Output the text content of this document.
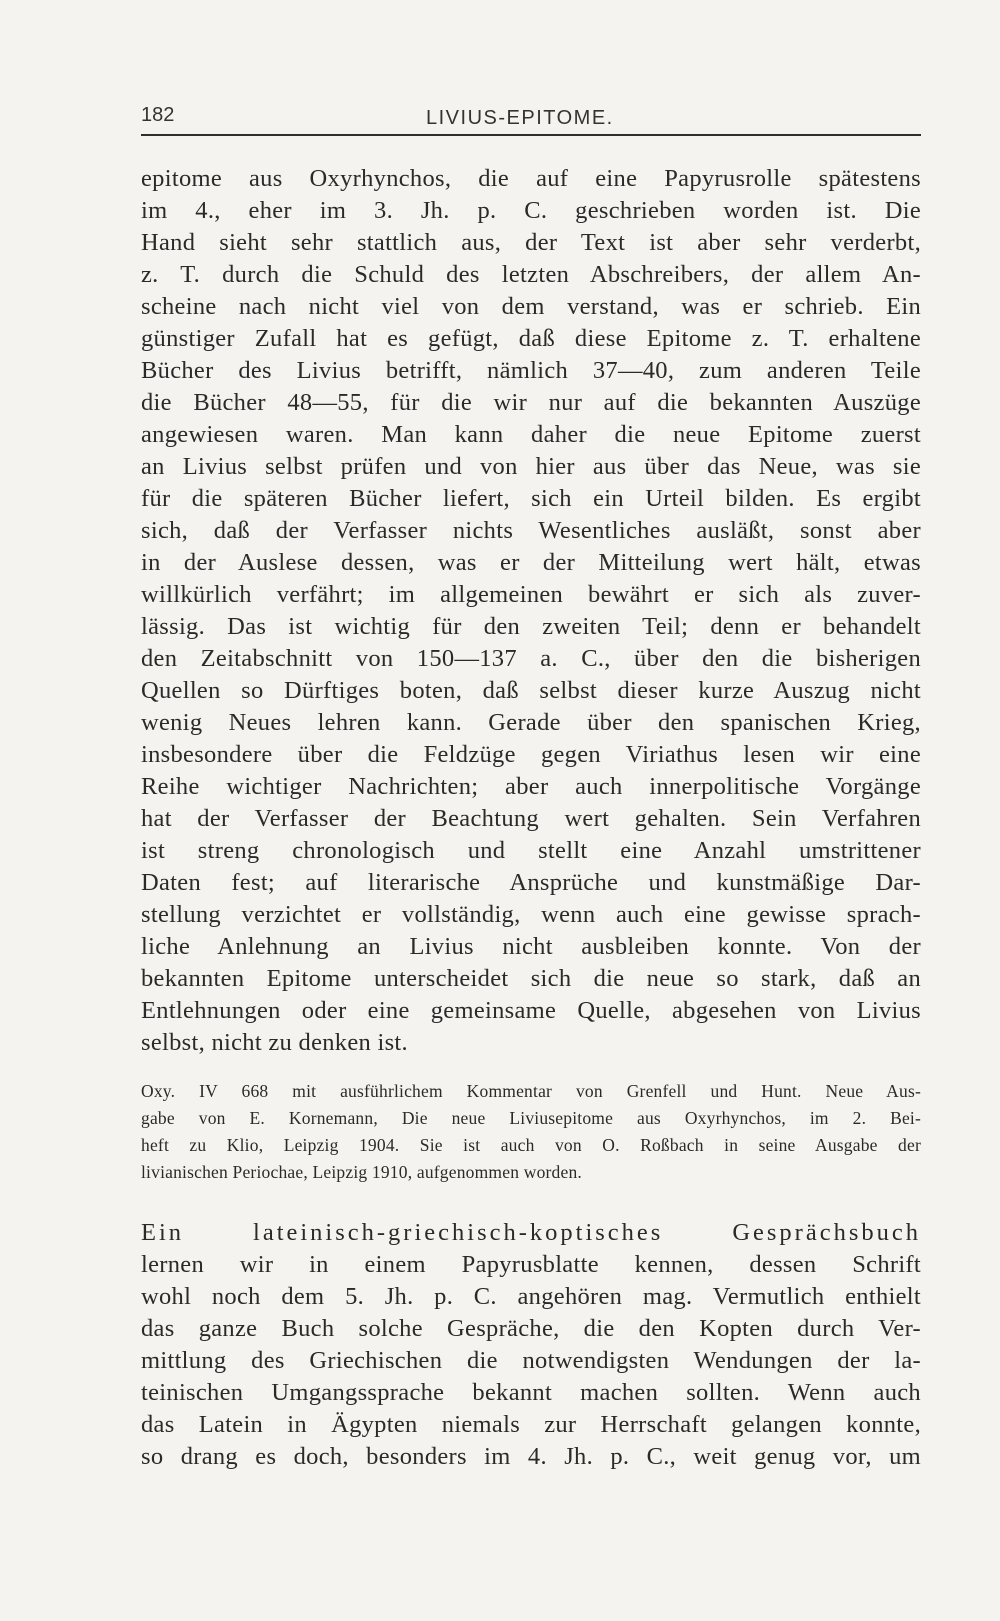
182	LIVIUS-EPITOME.
epitome aus Oxyrhynchos, die auf eine Papyrusrolle spätestens
im 4., eher im 3. Jh. p. C. geschrieben worden ist. Die
Hand sieht sehr stattlich aus, der Text ist aber sehr verderbt,
z. T. durch die Schuld des letzten Abschreibers, der allem An-
scheine nach nicht viel von dem verstand, was er schrieb. Ein
günstiger Zufall hat es gefügt, daß diese Epitome z. T. erhaltene
Bücher des Livius betrifft, nämlich 37—40, zum anderen Teile
die Bücher 48—55, für die wir nur auf die bekannten Auszüge
angewiesen waren. Man kann daher die neue Epitome zuerst
an Livius selbst prüfen und von hier aus über das Neue, was sie
für die späteren Bücher liefert, sich ein Urteil bilden. Es ergibt
sich, daß der Verfasser nichts Wesentliches ausläßt, sonst aber
in der Auslese dessen, was er der Mitteilung wert hält, etwas
willkürlich verfährt; im allgemeinen bewährt er sich als zuver-
lässig. Das ist wichtig für den zweiten Teil; denn er behandelt
den Zeitabschnitt von 150—137 a. C., über den die bisherigen
Quellen so Dürftiges boten, daß selbst dieser kurze Auszug nicht
wenig Neues lehren kann. Gerade über den spanischen Krieg,
insbesondere über die Feldzüge gegen Viriathus lesen wir eine
Reihe wichtiger Nachrichten; aber auch innerpolitische Vorgänge
hat der Verfasser der Beachtung wert gehalten. Sein Verfahren
ist streng chronologisch und stellt eine Anzahl umstrittener
Daten fest; auf literarische Ansprüche und kunstmäßige Dar-
stellung verzichtet er vollständig, wenn auch eine gewisse sprach-
liche Anlehnung an Livius nicht ausbleiben konnte. Von der
bekannten Epitome unterscheidet sich die neue so stark, daß an
Entlehnungen oder eine gemeinsame Quelle, abgesehen von Livius
selbst, nicht zu denken ist.
Oxy. IV 668 mit ausführlichem Kommentar von Grenfell und Hunt. Neue Aus-
gabe von E. Kornemann, Die neue Liviusepitome aus Oxyrhynchos, im 2. Bei-
heft zu Klio, Leipzig 1904. Sie ist auch von O. Roßbach in seine Ausgabe der
livianischen Periochae, Leipzig 1910, aufgenommen worden.
Ein lateinisch-griechisch-koptisches Gesprächsbuch
lernen wir in einem Papyrusblatte kennen, dessen Schrift
wohl noch dem 5. Jh. p. C. angehören mag. Vermutlich enthielt
das ganze Buch solche Gespräche, die den Kopten durch Ver-
mittlung des Griechischen die notwendigsten Wendungen der la-
teinischen Umgangssprache bekannt machen sollten. Wenn auch
das Latein in Ägypten niemals zur Herrschaft gelangen konnte,
so drang es doch, besonders im 4. Jh. p. C., weit genug vor, um
